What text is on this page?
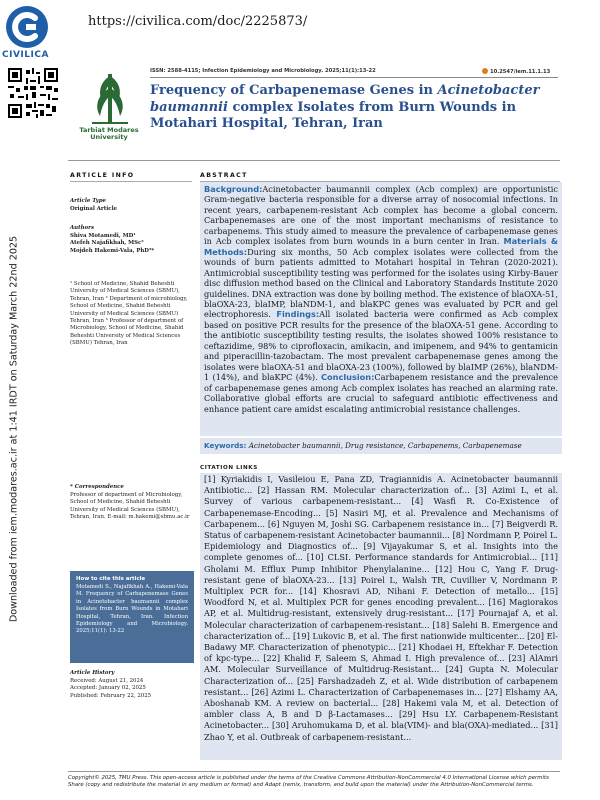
CIVILICA
https://civilica.com/doc/2225873/
Downloaded from iem.modares.ac.ir at 1:41 IRDT on Saturday March 22nd 2025
Tarbiat Modares University
ISSN: 2588-4115; Infection Epidemiology and Microbiology. 2025;11(1):13-22	10.2547/iem.11.1.13
Frequency of Carbapenemase Genes in Acinetobacter baumannii complex Isolates from Burn Wounds in Motahari Hospital, Tehran, Iran
ARTICLE INFO
Article Type
Original Article
Authors
Shiva Motamedi, MD¹
Atefeh Najafikhah, MSc²
Mojdeh Hakemi-Vala, PhD³*
¹ School of Medicine, Shahid Beheshti University of Medical Sciences (SBMU), Tehran, Iran ² Department of microbiology, School of Medicine, Shahid Beheshti University of Medical Sciences (SBMU) Tehran, Iran ³ Professor of department of Microbiology, School of Medicine, Shahid Beheshti University of Medical Sciences (SBMU) Tehran, Iran
* Correspondence
Professor of department of Microbiology, School of Medicine, Shahid Beheshti University of Medical Sciences (SBMU), Tehran, Iran. E-mail: m.hakemi@sbmu.ac.ir
How to cite this article
Motamedi S., Najafikhah A., Hakemi-Vala M. Frequency of Carbapenemase Genes in Acinetobacter baumannii complex Isolates from Burn Wounds in Motahari Hospital, Tehran, Iran. Infection Epidemiology and Microbiology. 2025;11(1): 13-22
Article History
Received: August 21, 2024
Accepted: January 02, 2025
Published: February 22, 2025
ABSTRACT
Background:Acinetobacter baumannii complex (Acb complex) are opportunistic Gram-negative bacteria responsible for a diverse array of nosocomial infections. In recent years, carbapenem-resistant Acb complex has become a global concern. Carbapenemases are one of the most important mechanisms of resistance to carbapenems. This study aimed to measure the prevalence of carbapenemase genes in Acb complex isolates from burn wounds in a burn center in Iran. Materials & Methods:During six months, 50 Acb complex isolates were collected from the wounds of burn patients admitted to Motahari hospital in Tehran (2020-2021). Antimicrobial susceptibility testing was performed for the isolates using Kirby-Bauer disc diffusion method based on the Clinical and Laboratory Standards Institute 2020 guidelines. DNA extraction was done by boiling method. The existence of blaOXA-51, blaOXA-23, blaIMP, blaNDM-1, and blaKPC genes was evaluated by PCR and gel electrophoresis. Findings:All isolated bacteria were confirmed as Acb complex based on positive PCR results for the presence of the blaOXA-51 gene. According to the antibiotic susceptibility testing results, the isolates showed 100% resistance to ceftazidime, 98% to ciprofloxacin, amikacin, and imipenem, and 94% to gentamicin and piperacillin-tazobactam. The most prevalent carbapenemase genes among the isolates were blaOXA-51 and blaOXA-23 (100%), followed by blaIMP (26%), blaNDM-1 (14%), and blaKPC (4%). Conclusion:Carbapenem resistance and the prevalence of carbapenemase genes among Acb complex isolates has reached an alarming rate. Collaborative global efforts are crucial to safeguard antibiotic effectiveness and enhance patient care amidst escalating antimicrobial resistance challenges.
Keywords: Acinetobacter baumannii, Drug resistance, Carbapenems, Carbapenemase
CITATION LINKS
[1] Kyriakidis I, Vasileiou E, Pana ZD, Tragiannidis A. Acinetobacter baumannii Antibiotic... [2] Hassan RM. Molecular characterization of... [3] Azimi L, et al. Survey of various carbapenem-resistant... [4] Wasfi R. Co-Existence of Carbapenemase-Encoding... [5] Nasiri MJ, et al. Prevalence and Mechanisms of Carbapenem... [6] Nguyen M, Joshi SG. Carbapenem resistance in... [7] Beigverdi R. Status of carbapenem-resistant Acinetobacter baumannii... [8] Nordmann P, Poirel L. Epidemiology and Diagnostics of... [9] Vijayakumar S, et al. Insights into the complete genomes of... [10] CLSI. Performance standards for Antimicrobial... [11] Gholami M. Efflux Pump Inhibitor Phenylalanine... [12] Hou C, Yang F. Drug-resistant gene of blaOXA-23... [13] Poirel L, Walsh TR, Cuvillier V, Nordmann P. Multiplex PCR for... [14] Khosravi AD, Nihani F. Detection of metallo... [15] Woodford N, et al. Multiplex PCR for genes encoding prevalent... [16] Magiorakos AP, et al. Multidrug-resistant, extensively drug-resistant... [17] Pournajaf A, et al. Molecular characterization of carbapenem-resistant... [18] Salehi B. Emergence and characterization of... [19] Lukovic B, et al. The first nationwide multicenter... [20] El-Badawy MF. Characterization of phenotypic... [21] Khodaei H, Eftekhar F. Detection of kpc-type... [22] Khalid F, Saleem S, Ahmad I. High prevalence of... [23] AlAmri AM. Molecular Surveillance of Multidrug-Resistant... [24] Gupta N. Molecular Characterization of... [25] Farshadzadeh Z, et al. Wide distribution of carbapenem resistant... [26] Azimi L. Characterization of Carbapenemases in... [27] Elshamy AA, Aboshanab KM. A review on bacterial... [28] Hakemi vala M, et al. Detection of ambler class A, B and D β-Lactamases... [29] Hsu LY. Carbapenem-Resistant Acinetobacter... [30] Aruhomukama D, et al. bla(VIM)- and bla(OXA)-mediated... [31] Zhao Y, et al. Outbreak of carbapenem-resistant...
Copyright© 2025, TMU Press. This open-access article is published under the terms of the Creative Commons Attribution-NonCommercial 4.0 International License which permits Share (copy and redistribute the material in any medium or format) and Adapt (remix, transform, and build upon the material) under the Attribution-NonCommercial terms.
